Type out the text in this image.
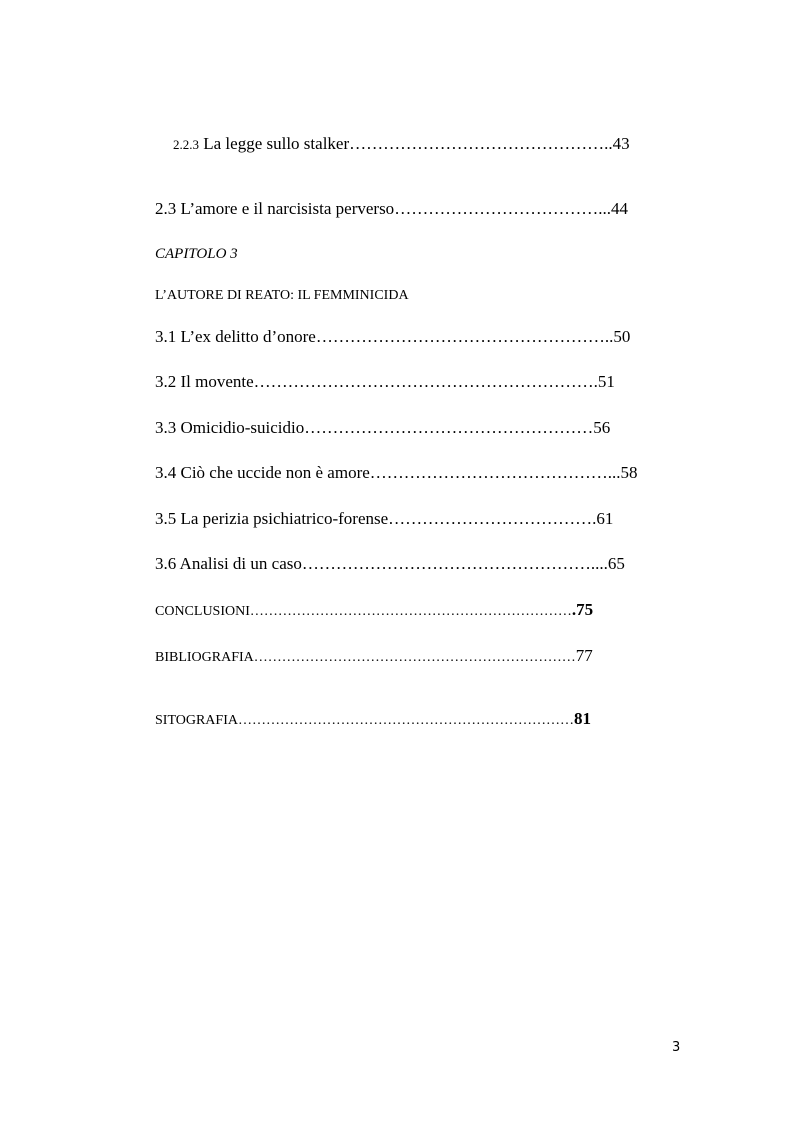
2.2.3 La legge sullo stalker………………………………………..43
2.3 L’amore e il narcisista perverso………………………………...44
CAPITOLO 3
L’AUTORE DI REATO: IL FEMMINICIDA
3.1 L’ex delitto d’onore……………………………………………..50
3.2 Il movente…………………………………………………….51
3.3 Omicidio-suicidio……………………………………………56
3.4 Ciò che uccide non è amore……………………………………...58
3.5 La perizia psichiatrico-forense……………………………….61
3.6 Analisi di un caso……………………………………………....65
CONCLUSIONI…………………………………………………………….75
BIBLIOGRAFIA……………………………………………………………77
SITOGRAFIA………………………………………………………………81
3
